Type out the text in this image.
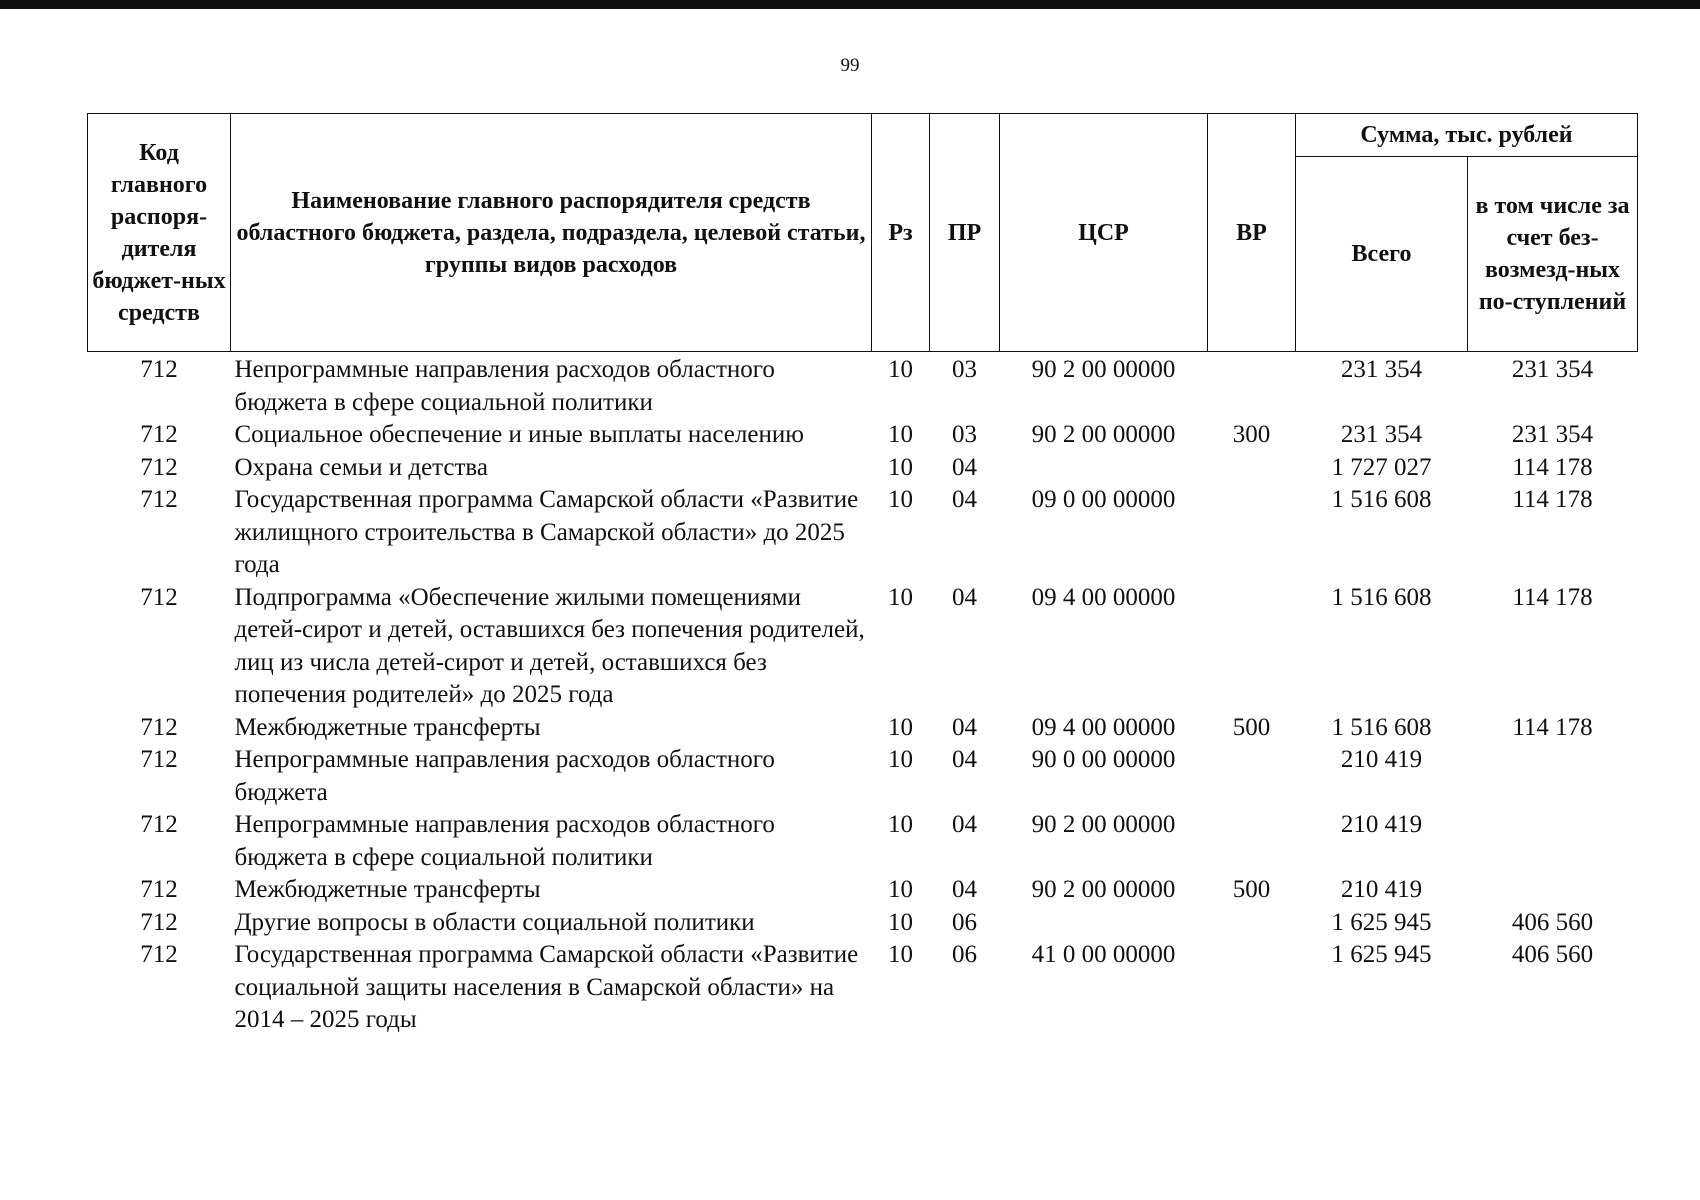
99
Код главного распоря-дителя бюджет-ных средств	Наименование главного распорядителя средств областного бюджета, раздела, подраздела, целевой статьи, группы видов расходов	Рз	ПР	ЦСР	ВР	Сумма, тыс. рублей	
						Всего	в том числе за счет без-возмезд-ных по-ступлений
712	Непрограммные направления расходов областного бюджета в сфере социальной политики	10	03	90 2 00 00000		231 354	231 354
712	Социальное обеспечение и иные выплаты населению	10	03	90 2 00 00000	300	231 354	231 354
712	Охрана семьи и детства	10	04			1 727 027	114 178
712	Государственная программа Самарской области «Развитие жилищного строительства в Самарской области» до 2025 года	10	04	09 0 00 00000		1 516 608	114 178
712	Подпрограмма «Обеспечение жилыми помещениями детей-сирот и детей, оставшихся без попечения родителей, лиц из числа детей-сирот и детей, оставшихся без попечения родителей» до 2025 года	10	04	09 4 00 00000		1 516 608	114 178
712	Межбюджетные трансферты	10	04	09 4 00 00000	500	1 516 608	114 178
712	Непрограммные направления расходов областного бюджета	10	04	90 0 00 00000		210 419	
712	Непрограммные направления расходов областного бюджета в сфере социальной политики	10	04	90 2 00 00000		210 419	
712	Межбюджетные трансферты	10	04	90 2 00 00000	500	210 419	
712	Другие вопросы в области социальной политики	10	06			1 625 945	406 560
712	Государственная программа Самарской области «Развитие социальной защиты населения в Самарской области» на 2014 – 2025 годы	10	06	41 0 00 00000		1 625 945	406 560
